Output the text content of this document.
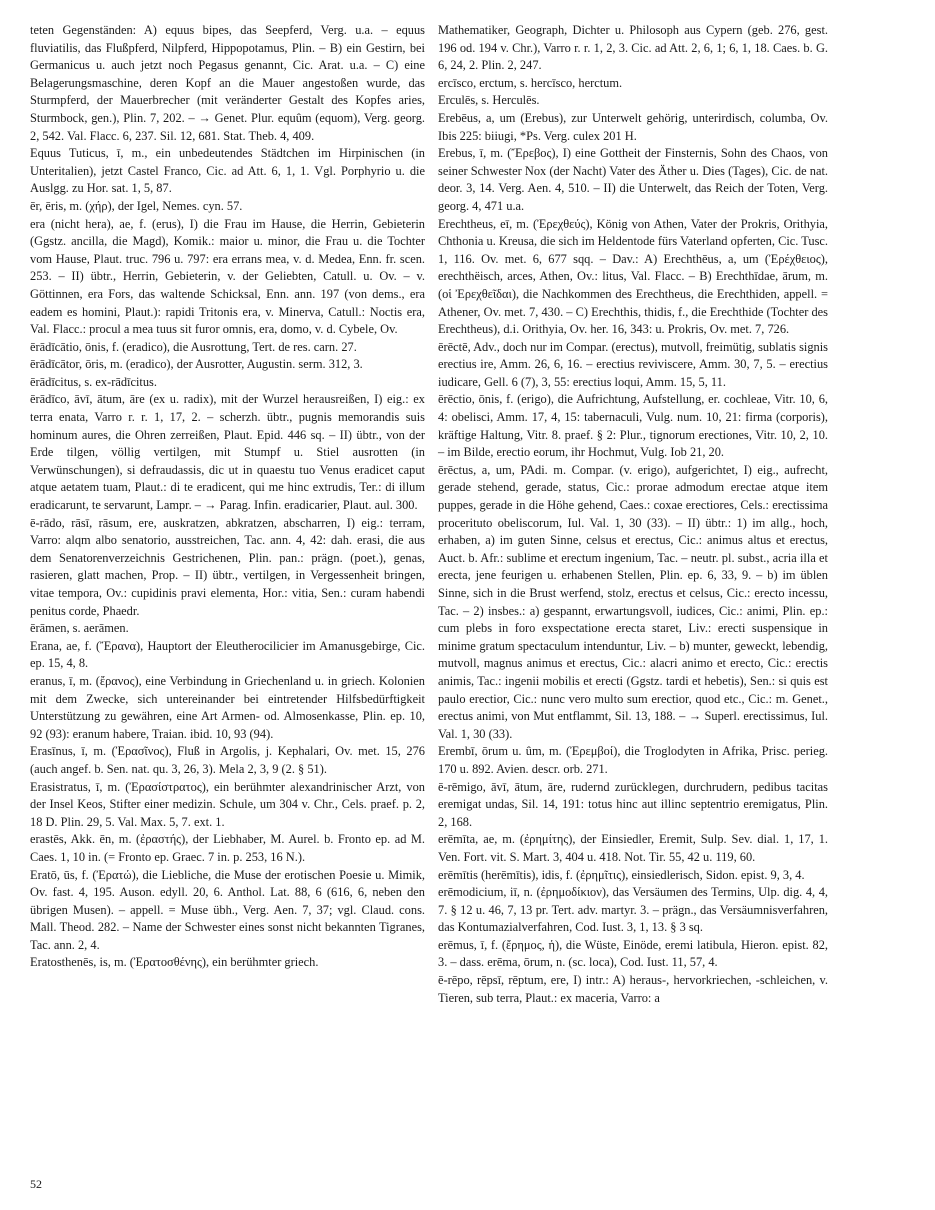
teten Gegenständen: A) equus bipes, das Seepferd, Verg. u.a. – equus fluviatilis, das Flußpferd, Nilpferd, Hippopotamus, Plin. – B) ein Gestirn, bei Germanicus u. auch jetzt noch Pegasus genannt, Cic. Arat. u.a. – C) eine Belagerungsmaschine, deren Kopf an die Mauer angestoßen wurde, das Sturmpferd, der Mauerbrecher (mit veränderter Gestalt des Kopfes aries, Sturmbock, gen.), Plin. 7, 202. – → Genet. Plur. equûm (equom), Verg. georg. 2, 542. Val. Flacc. 6, 237. Sil. 12, 681. Stat. Theb. 4, 409.

Equus Tuticus, ī, m., ein unbedeutendes Städtchen im Hirpinischen (in Unteritalien), jetzt Castel Franco, Cic. ad Att. 6, 1, 1. Vgl. Porphyrio u. die Auslgg. zu Hor. sat. 1, 5, 87.

ēr, ēris, m. (χήρ), der Igel, Nemes. cyn. 57.

era (nicht hera), ae, f. (erus), I) die Frau im Hause, die Herrin, Gebieterin (Ggstz. ancilla, die Magd), Komik.: maior u. minor, die Frau u. die Tochter vom Hause, Plaut. truc. 796 u. 797: era errans mea, v. d. Medea, Enn. fr. scen. 253. – II) übtr., Herrin, Gebieterin, v. der Geliebten, Catull. u. Ov. – v. Göttinnen, era Fors, das waltende Schicksal, Enn. ann. 197 (von dems., era eadem es homini, Plaut.): rapidi Tritonis era, v. Minerva, Catull.: Noctis era, Val. Flacc.: procul a mea tuus sit furor omnis, era, domo, v. d. Cybele, Ov.

ērādīcātio, ōnis, f. (eradico), die Ausrottung, Tert. de res. carn. 27.

ērādīcātor, ōris, m. (eradico), der Ausrotter, Augustin. serm. 312, 3.

ērādīcitus, s. ex-rādīcitus.

ērādīco, āvī, ātum, āre (ex u. radix), mit der Wurzel herausreißen, I) eig.: ex terra enata, Varro r. r. 1, 17, 2. – scherzh. übtr., pugnis memorandis suis hominum aures, die Ohren zerreißen, Plaut. Epid. 446 sq. – II) übtr., von der Erde tilgen, völlig vertilgen, mit Stumpf u. Stiel ausrotten (in Verwünschungen), si defraudassis, dic ut in quaestu tuo Venus eradicet caput atque aetatem tuam, Plaut.: di te eradicent, qui me hinc extrudis, Ter.: di illum eradicarunt, te servarunt, Lampr. – → Parag. Infin. eradicarier, Plaut. aul. 300.

ē-rādo, rāsī, rāsum, ere, auskratzen, abkratzen, abscharren, I) eig.: terram, Varro: alqm albo senatorio, ausstreichen, Tac. ann. 4, 42: dah. erasi, die aus dem Senatorenverzeichnis Gestrichenen, Plin. pan.: prägn. (poet.), genas, rasieren, glatt machen, Prop. – II) übtr., vertilgen, in Vergessenheit bringen, vitae tempora, Ov.: cupidinis pravi elementa, Hor.: vitia, Sen.: curam habendi penitus corde, Phaedr.

ērāmen, s. aerāmen.

Erana, ae, f. (Ἔρανα), Hauptort der Eleutherocilicier im Amanusgebirge, Cic. ep. 15, 4, 8.

eranus, ī, m. (ἔρανος), eine Verbindung in Griechenland u. in griech. Kolonien mit dem Zwecke, sich untereinander bei eintretender Hilfsbedürftigkeit Unterstützung zu gewähren, eine Art Armen- od. Almosenkasse, Plin. ep. 10, 92 (93): eranum habere, Traian. ibid. 10, 93 (94).

Erasīnus, ī, m. (Ἐρασῖνος), Fluß in Argolis, j. Kephalari, Ov. met. 15, 276 (auch angef. b. Sen. nat. qu. 3, 26, 3). Mela 2, 3, 9 (2. § 51).

Erasistratus, ī, m. (Ἐρασίστρατος), ein berühmter alexandrinischer Arzt, von der Insel Keos, Stifter einer medizin. Schule, um 304 v. Chr., Cels. praef. p. 2, 18 D. Plin. 29, 5. Val. Max. 5, 7. ext. 1.

erastēs, Akk. ēn, m. (ἐραστής), der Liebhaber, M. Aurel. b. Fronto ep. ad M. Caes. 1, 10 in. (= Fronto ep. Graec. 7 in. p. 253, 16 N.).

Eratō, ūs, f. (Ἐρατώ), die Liebliche, die Muse der erotischen Poesie u. Mimik, Ov. fast. 4, 195. Auson. edyll. 20, 6. Anthol. Lat. 88, 6 (616, 6, neben den übrigen Musen). – appell. = Muse übh., Verg. Aen. 7, 37; vgl. Claud. cons. Mall. Theod. 282. – Name der Schwester eines sonst nicht bekannten Tigranes, Tac. ann. 2, 4.

Eratosthenēs, is, m. (Ἐρατοσθένης), ein berühmter griech.

Mathematiker, Geograph, Dichter u. Philosoph aus Cypern (geb. 276, gest. 196 od. 194 v. Chr.), Varro r. r. 1, 2, 3. Cic. ad Att. 2, 6, 1; 6, 1, 18. Caes. b. G. 6, 24, 2. Plin. 2, 247.

ercīsco, erctum, s. hercīsco, herctum.

Erculēs, s. Herculēs.

Erebēus, a, um (Erebus), zur Unterwelt gehörig, unterirdisch, columba, Ov. Ibis 225: biiugi, *Ps. Verg. culex 201 H.

Erebus, ī, m. (Ἔρεβος), I) eine Gottheit der Finsternis, Sohn des Chaos, von seiner Schwester Nox (der Nacht) Vater des Äther u. Dies (Tages), Cic. de nat. deor. 3, 14. Verg. Aen. 4, 510. – II) die Unterwelt, das Reich der Toten, Verg. georg. 4, 471 u.a.

Erechtheus, eī, m. (Ἐρεχθεύς), König von Athen, Vater der Prokris, Orithyia, Chthonia u. Kreusa, die sich im Heldentode fürs Vaterland opferten, Cic. Tusc. 1, 116. Ov. met. 6, 677 sqq. – Dav.: A) Erechthēus, a, um (Ἐρέχθειος), erechthëisch, arces, Athen, Ov.: litus, Val. Flacc. – B) Erechthīdae, ārum, m. (οἱ Ἐρεχθεῖδαι), die Nachkommen des Erechtheus, die Erechthiden, appell. = Athener, Ov. met. 7, 430. – C) Erechthis, thidis, f., die Erechthide (Tochter des Erechtheus), d.i. Orithyia, Ov. her. 16, 343: u. Prokris, Ov. met. 7, 726.

ērēctē, Adv., doch nur im Compar. (erectus), mutvoll, freimütig, sublatis signis erectius ire, Amm. 26, 6, 16. – erectius reviviscere, Amm. 30, 7, 5. – erectius iudicare, Gell. 6 (7), 3, 55: erectius loqui, Amm. 15, 5, 11.

ērēctio, ōnis, f. (erigo), die Aufrichtung, Aufstellung, er. cochleae, Vitr. 10, 6, 4: obelisci, Amm. 17, 4, 15: tabernaculi, Vulg. num. 10, 21: firma (corporis), kräftige Haltung, Vitr. 8. praef. § 2: Plur., tignorum erectiones, Vitr. 10, 2, 10. – im Bilde, erectio eorum, ihr Hochmut, Vulg. Iob 21, 20.

ērēctus, a, um, PAdi. m. Compar. (v. erigo), aufgerichtet, I) eig., aufrecht, gerade stehend, gerade, status, Cic.: prorae admodum erectae atque item puppes, gerade in die Höhe gehend, Caes.: coxae erectiores, Cels.: erectissima procerituto obeliscorum, Iul. Val. 1, 30 (33). – II) übtr.: 1) im allg., hoch, erhaben, a) im guten Sinne, celsus et erectus, Cic.: animus altus et erectus, Auct. b. Afr.: sublime et erectum ingenium, Tac. – neutr. pl. subst., acria illa et erecta, jene feurigen u. erhabenen Stellen, Plin. ep. 6, 33, 9. – b) im üblen Sinne, sich in die Brust werfend, stolz, erectus et celsus, Cic.: erecto incessu, Tac. – 2) insbes.: a) gespannt, erwartungsvoll, iudices, Cic.: animi, Plin. ep.: cum plebs in foro exspectatione erecta staret, Liv.: erecti suspensique in minime gratum spectaculum intenduntur, Liv. – b) munter, geweckt, lebendig, mutvoll, magnus animus et erectus, Cic.: alacri animo et erecto, Cic.: erectis animis, Tac.: ingenii mobilis et erecti (Ggstz. tardi et hebetis), Sen.: si quis est paulo erectior, Cic.: nunc vero multo sum erectior, quod etc., Cic.: m. Genet., erectus animi, von Mut entflammt, Sil. 13, 188. – → Superl. erectissimus, Iul. Val. 1, 30 (33).

Erembī, ōrum u. ûm, m. (Ἐρεμβοί), die Troglodyten in Afrika, Prisc. perieg. 170 u. 892. Avien. descr. orb. 271.

ē-rēmigo, āvī, ātum, āre, rudernd zurücklegen, durchrudern, pedibus tacitas eremigat undas, Sil. 14, 191: totus hinc aut illinc septentrio eremigatus, Plin. 2, 168.

erēmīta, ae, m. (ἐρημίτης), der Einsiedler, Eremit, Sulp. Sev. dial. 1, 17, 1. Ven. Fort. vit. S. Mart. 3, 404 u. 418. Not. Tir. 55, 42 u. 119, 60.

erēmītis (herēmītis), idis, f. (ἐρημῖτις), einsiedlerisch, Sidon. epist. 9, 3, 4.

erēmodicium, iī, n. (ἐρημοδίκιον), das Versäumen des Termins, Ulp. dig. 4, 4, 7. § 12 u. 46, 7, 13 pr. Tert. adv. martyr. 3. – prägn., das Versäumnisverfahren, das Kontumazialverfahren, Cod. Iust. 3, 1, 13. § 3 sq.

erēmus, ī, f. (ἔρημος, ἡ), die Wüste, Einöde, eremi latibula, Hieron. epist. 82, 3. – dass. erēma, ōrum, n. (sc. loca), Cod. Iust. 11, 57, 4.

ē-rēpo, rēpsī, rēptum, ere, I) intr.: A) heraus-, hervorkriechen, -schleichen, v. Tieren, sub terra, Plaut.: ex maceria, Varro: a

52
